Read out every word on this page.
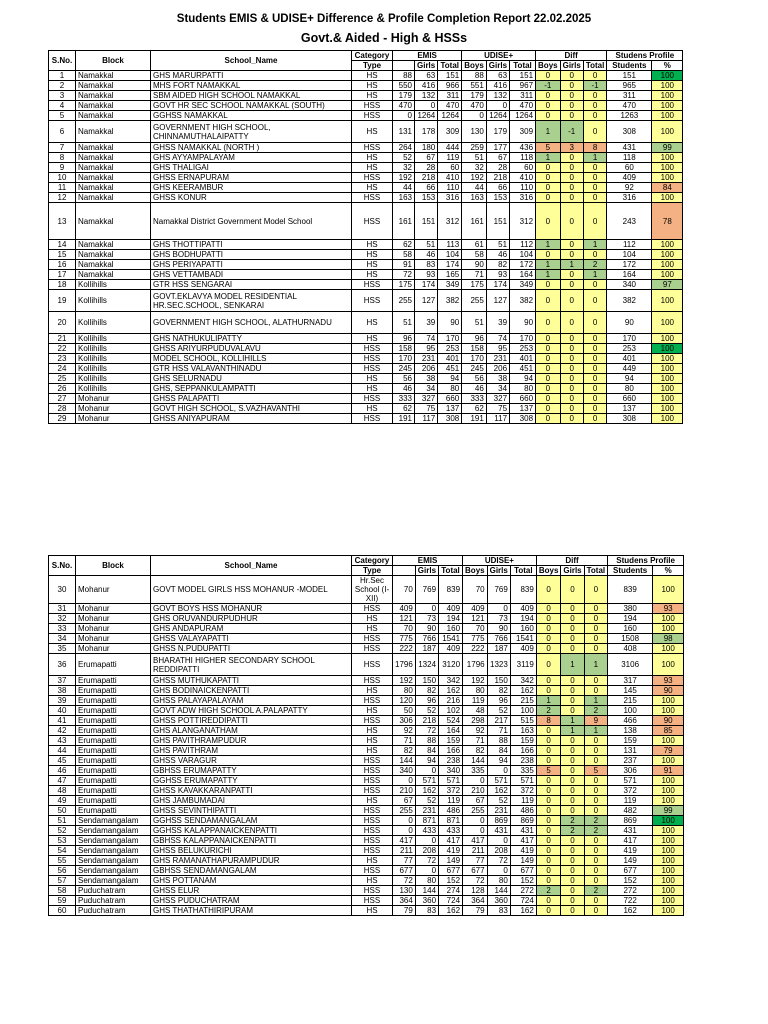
Students EMIS & UDISE+ Difference & Profile Completion Report 22.02.2025
Govt.& Aided - High & HSSs
S.No.	Block	School_Name	Category	EMIS			UDISE+			Diff			Studens Profile	
			Type		Girls	Total	Boys	Girls	Total	Boys	Girls	Total	Students	%
1	Namakkal	GHS MARURPATTI	HS	88	63	151	88	63	151	0	0	0	151	100
2	Namakkal	MHS FORT NAMAKKAL	HS	550	416	966	551	416	967	-1	0	-1	965	100
3	Namakkal	SBM AIDED HIGH SCHOOL NAMAKKAL	HS	179	132	311	179	132	311	0	0	0	311	100
4	Namakkal	GOVT HR SEC SCHOOL NAMAKKAL (SOUTH)	HSS	470	0	470	470	0	470	0	0	0	470	100
5	Namakkal	GGHSS NAMAKKAL	HSS	0	1264	1264	0	1264	1264	0	0	0	1263	100
6	Namakkal	GOVERNMENT HIGH SCHOOL, CHINNAMUTHALAIPATTY	HS	131	178	309	130	179	309	1	-1	0	308	100
7	Namakkal	GHSS NAMAKKAL (NORTH )	HSS	264	180	444	259	177	436	5	3	8	431	99
8	Namakkal	GHS AYYAMPALAYAM	HS	52	67	119	51	67	118	1	0	1	118	100
9	Namakkal	GHS THALIGAI	HS	32	28	60	32	28	60	0	0	0	60	100
10	Namakkal	GHSS ERNAPURAM	HSS	192	218	410	192	218	410	0	0	0	409	100
11	Namakkal	GHS KEERAMBUR	HS	44	66	110	44	66	110	0	0	0	92	84
12	Namakkal	GHSS KONUR	HSS	163	153	316	163	153	316	0	0	0	316	100
13	Namakkal	Namakkal District Government Model School	HSS	161	151	312	161	151	312	0	0	0	243	78
14	Namakkal	GHS THOTTIPATTI	HS	62	51	113	61	51	112	1	0	1	112	100
15	Namakkal	GHS BODHUPATTI	HS	58	46	104	58	46	104	0	0	0	104	100
16	Namakkal	GHS PERIYAPATTI	HS	91	83	174	90	82	172	1	1	2	172	100
17	Namakkal	GHS VETTAMBADI	HS	72	93	165	71	93	164	1	0	1	164	100
18	Kollihills	GTR HSS SENGARAI	HSS	175	174	349	175	174	349	0	0	0	340	97
19	Kollihills	GOVT.EKLAVYA MODEL RESIDENTIAL HR.SEC.SCHOOL, SENKARAI	HSS	255	127	382	255	127	382	0	0	0	382	100
20	Kollihills	GOVERNMENT HIGH SCHOOL, ALATHURNADU	HS	51	39	90	51	39	90	0	0	0	90	100
21	Kollihills	GHS NATHUKULIPATTY	HS	96	74	170	96	74	170	0	0	0	170	100
22	Kollihills	GHSS ARIYURPUDUVALAVU	HSS	158	95	253	158	95	253	0	0	0	253	100
23	Kollihills	MODEL SCHOOL, KOLLIHILLS	HSS	170	231	401	170	231	401	0	0	0	401	100
24	Kollihills	GTR HSS VALAVANTHINADU	HSS	245	206	451	245	206	451	0	0	0	449	100
25	Kollihills	GHS SELURNADU	HS	56	38	94	56	38	94	0	0	0	94	100
26	Kollihills	GHS, SEPPANKULAMPATTI	HS	46	34	80	46	34	80	0	0	0	80	100
27	Mohanur	GHSS PALAPATTI	HSS	333	327	660	333	327	660	0	0	0	660	100
28	Mohanur	GOVT HIGH SCHOOL, S.VAZHAVANTHI	HS	62	75	137	62	75	137	0	0	0	137	100
29	Mohanur	GHSS ANIYAPURAM	HSS	191	117	308	191	117	308	0	0	0	308	100
S.No.	Block	School_Name	Category	EMIS			UDISE+			Diff			Studens Profile	
			Type		Girls	Total	Boys	Girls	Total	Boys	Girls	Total	Students	%
30	Mohanur	GOVT MODEL GIRLS HSS MOHANUR -MODEL	Hr.Sec School (I-XII)	70	769	839	70	769	839	0	0	0	839	100
31	Mohanur	GOVT BOYS HSS MOHANUR	HSS	409	0	409	409	0	409	0	0	0	380	93
32	Mohanur	GHS ORUVANDURPUDHUR	HS	121	73	194	121	73	194	0	0	0	194	100
33	Mohanur	GHS ANDAPURAM	HS	70	90	160	70	90	160	0	0	0	160	100
34	Mohanur	GHSS VALAYAPATTI	HSS	775	766	1541	775	766	1541	0	0	0	1508	98
35	Mohanur	GHSS N.PUDUPATTI	HSS	222	187	409	222	187	409	0	0	0	408	100
36	Erumapatti	BHARATHI HIGHER SECONDARY SCHOOL REDDIPATTI	HSS	1796	1324	3120	1796	1323	3119	0	1	1	3106	100
37	Erumapatti	GHSS MUTHUKAPATTI	HSS	192	150	342	192	150	342	0	0	0	317	93
38	Erumapatti	GHS BODINAICKENPATTI	HS	80	82	162	80	82	162	0	0	0	145	90
39	Erumapatti	GHSS PALAYAPALAYAM	HSS	120	96	216	119	96	215	1	0	1	215	100
40	Erumapatti	GOVT ADW HIGH SCHOOL A.PALAPATTY	HS	50	52	102	48	52	100	2	0	2	100	100
41	Erumapatti	GHSS POTTIREDDIPATTI	HSS	306	218	524	298	217	515	8	1	9	466	90
42	Erumapatti	GHS ALANGANATHAM	HS	92	72	164	92	71	163	0	1	1	138	85
43	Erumapatti	GHS PAVITHRAMPUDUR	HS	71	88	159	71	88	159	0	0	0	159	100
44	Erumapatti	GHS PAVITHRAM	HS	82	84	166	82	84	166	0	0	0	131	79
45	Erumapatti	GHSS VARAGUR	HSS	144	94	238	144	94	238	0	0	0	237	100
46	Erumapatti	GBHSS ERUMAPATTY	HSS	340	0	340	335	0	335	5	0	5	306	91
47	Erumapatti	GGHSS ERUMAPATTY	HSS	0	571	571	0	571	571	0	0	0	571	100
48	Erumapatti	GHSS KAVAKKARANPATTI	HSS	210	162	372	210	162	372	0	0	0	372	100
49	Erumapatti	GHS JAMBUMADAI	HS	67	52	119	67	52	119	0	0	0	119	100
50	Erumapatti	GHSS SEVINTHIPATTI	HSS	255	231	486	255	231	486	0	0	0	482	99
51	Sendamangalam	GGHSS SENDAMANGALAM	HSS	0	871	871	0	869	869	0	2	2	869	100
52	Sendamangalam	GGHSS KALAPPANAICKENPATTI	HSS	0	433	433	0	431	431	0	2	2	431	100
53	Sendamangalam	GBHSS KALAPPANAICKENPATTI	HSS	417	0	417	417	0	417	0	0	0	417	100
54	Sendamangalam	GHSS BELUKURICHI	HSS	211	208	419	211	208	419	0	0	0	419	100
55	Sendamangalam	GHS RAMANATHAPURAMPUDUR	HS	77	72	149	77	72	149	0	0	0	149	100
56	Sendamangalam	GBHSS SENDAMANGALAM	HSS	677	0	677	677	0	677	0	0	0	677	100
57	Sendamangalam	GHS POTTANAM	HS	72	80	152	72	80	152	0	0	0	152	100
58	Puduchatram	GHSS ELUR	HSS	130	144	274	128	144	272	2	0	2	272	100
59	Puduchatram	GHSS PUDUCHATRAM	HSS	364	360	724	364	360	724	0	0	0	722	100
60	Puduchatram	GHS THATHATHIRIPURAM	HS	79	83	162	79	83	162	0	0	0	162	100
